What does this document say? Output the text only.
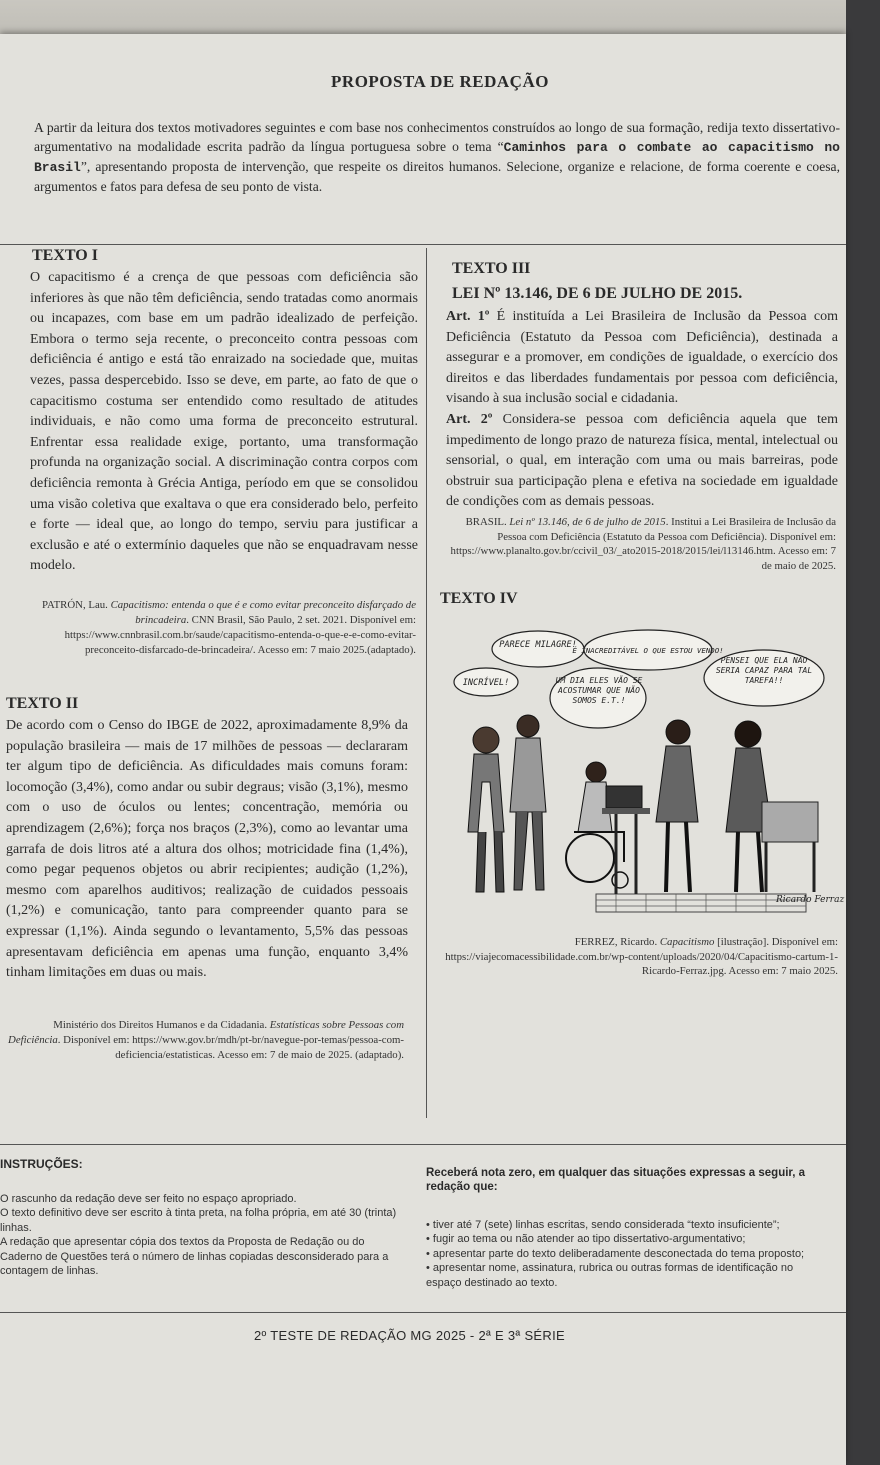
PROPOSTA DE REDAÇÃO
A partir da leitura dos textos motivadores seguintes e com base nos conhecimentos construídos ao longo de sua formação, redija texto dissertativo-argumentativo na modalidade escrita padrão da língua portuguesa sobre o tema “Caminhos para o combate ao capacitismo no Brasil”, apresentando proposta de intervenção, que respeite os direitos humanos. Selecione, organize e relacione, de forma coerente e coesa, argumentos e fatos para defesa de seu ponto de vista.
TEXTO I
O capacitismo é a crença de que pessoas com deficiência são inferiores às que não têm deficiência, sendo tratadas como anormais ou incapazes, com base em um padrão idealizado de perfeição. Embora o termo seja recente, o preconceito contra pessoas com deficiência é antigo e está tão enraizado na sociedade que, muitas vezes, passa despercebido. Isso se deve, em parte, ao fato de que o capacitismo costuma ser entendido como resultado de atitudes individuais, e não como uma forma de preconceito estrutural. Enfrentar essa realidade exige, portanto, uma transformação profunda na organização social. A discriminação contra corpos com deficiência remonta à Grécia Antiga, período em que se consolidou uma visão coletiva que exaltava o que era considerado belo, perfeito e forte — ideal que, ao longo do tempo, serviu para justificar a exclusão e até o extermínio daqueles que não se enquadravam nesse modelo.
PATRÓN, Lau. Capacitismo: entenda o que é e como evitar preconceito disfarçado de brincadeira. CNN Brasil, São Paulo, 2 set. 2021. Disponível em: https://www.cnnbrasil.com.br/saude/capacitismo-entenda-o-que-e-e-como-evitar-preconceito-disfarcado-de-brincadeira/. Acesso em: 7 maio 2025.(adaptado).
TEXTO II
De acordo com o Censo do IBGE de 2022, aproximadamente 8,9% da população brasileira — mais de 17 milhões de pessoas — declararam ter algum tipo de deficiência. As dificuldades mais comuns foram: locomoção (3,4%), como andar ou subir degraus; visão (3,1%), mesmo com o uso de óculos ou lentes; concentração, memória ou aprendizagem (2,6%); força nos braços (2,3%), como ao levantar uma garrafa de dois litros até a altura dos olhos; motricidade fina (1,4%), como pegar pequenos objetos ou abrir recipientes; audição (1,2%), mesmo com aparelhos auditivos; realização de cuidados pessoais (1,2%) e comunicação, tanto para compreender quanto para se expressar (1,1%). Ainda segundo o levantamento, 5,5% das pessoas apresentavam deficiência em apenas uma função, enquanto 3,4% tinham limitações em duas ou mais.
Ministério dos Direitos Humanos e da Cidadania. Estatísticas sobre Pessoas com Deficiência. Disponível em: https://www.gov.br/mdh/pt-br/navegue-por-temas/pessoa-com-deficiencia/estatisticas. Acesso em: 7 de maio de 2025. (adaptado).
TEXTO III
LEI Nº 13.146, DE 6 DE JULHO DE 2015.
Art. 1º É instituída a Lei Brasileira de Inclusão da Pessoa com Deficiência (Estatuto da Pessoa com Deficiência), destinada a assegurar e a promover, em condições de igualdade, o exercício dos direitos e das liberdades fundamentais por pessoa com deficiência, visando à sua inclusão social e cidadania.
Art. 2º Considera-se pessoa com deficiência aquela que tem impedimento de longo prazo de natureza física, mental, intelectual ou sensorial, o qual, em interação com uma ou mais barreiras, pode obstruir sua participação plena e efetiva na sociedade em igualdade de condições com as demais pessoas.
BRASIL. Lei nº 13.146, de 6 de julho de 2015. Institui a Lei Brasileira de Inclusão da Pessoa com Deficiência (Estatuto da Pessoa com Deficiência). Disponível em: https://www.planalto.gov.br/ccivil_03/_ato2015-2018/2015/lei/l13146.htm. Acesso em: 7 de maio de 2025.
TEXTO IV
PARECE MILAGRE!
É INACREDITÁVEL O QUE ESTOU VENDO!
PENSEI QUE ELA NÃO SERIA CAPAZ PARA TAL TAREFA!!
INCRÍVEL!	UM DIA ELES VÃO SE ACOSTUMAR QUE NÃO SOMOS E.T.!
Ricardo Ferraz
FERREZ, Ricardo. Capacitismo [ilustração]. Disponível em: https://viajecomacessibilidade.com.br/wp-content/uploads/2020/04/Capacitismo-cartum-1-Ricardo-Ferraz.jpg. Acesso em: 7 maio 2025.
INSTRUÇÕES:
O rascunho da redação deve ser feito no espaço apropriado.
O texto definitivo deve ser escrito à tinta preta, na folha própria, em até 30 (trinta) linhas.
A redação que apresentar cópia dos textos da Proposta de Redação ou do Caderno de Questões terá o número de linhas copiadas desconsiderado para a contagem de linhas.
Receberá nota zero, em qualquer das situações expressas a seguir, a redação que:
• tiver até 7 (sete) linhas escritas, sendo considerada “texto insuficiente”;
• fugir ao tema ou não atender ao tipo dissertativo-argumentativo;
• apresentar parte do texto deliberadamente desconectada do tema proposto;
• apresentar nome, assinatura, rubrica ou outras formas de identificação no espaço destinado ao texto.
2º TESTE DE REDAÇÃO MG 2025 - 2ª E 3ª SÉRIE
